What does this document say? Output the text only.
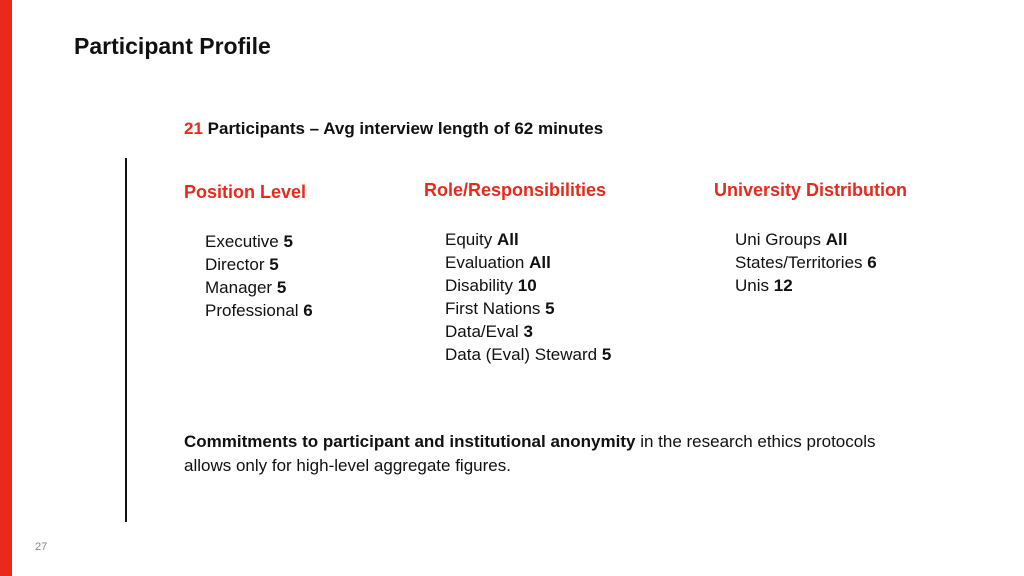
Participant Profile
21 Participants – Avg interview length of 62 minutes
Position Level
Executive 5
Director 5
Manager 5
Professional 6
Role/Responsibilities
Equity All
Evaluation All
Disability 10
First Nations 5
Data/Eval 3
Data (Eval) Steward 5
University Distribution
Uni Groups All
States/Territories 6
Unis 12
Commitments to participant and institutional anonymity in the research ethics protocols allows only for high-level aggregate figures.
27
